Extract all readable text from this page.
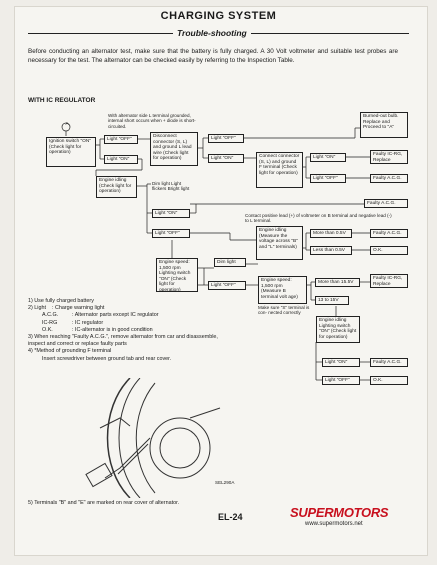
CHARGING SYSTEM
Trouble-shooting
Before conducting an alternator test, make sure that the battery is fully charged. A 30 Volt voltmeter and suitable test probes are necessary for the test. The alternator can be checked easily by referring to the Inspection Table.
WITH IC REGULATOR
A
Ignition switch "ON" (Check light for operation)
Light "OFF"
Light "ON"
With alternator side L terminal grounded, internal short occurs when + diode is short-circuited.
Disconnect connector (S, L) and ground L lead wire (Check light for operation)
Light "OFF"
Light "ON"
Burned-out bulb. Replace and Proceed to "A"
Connect connector (S, L) and ground F terminal (Check light for operation)
Light "ON"
Light "OFF"
Faulty IC-RG, Replace
Faulty A.C.G.
Engine idling (Check light for operation)
Dim light Light flickers Bright light
Faulty A.C.G.
Light "ON"	Contact positive lead (+) of voltmeter on B terminal and negative lead (-) to L terminal.
Engine idling (Measure the voltage across "B" and "L" terminals)
More than 0.5V
Less than 0.5V
Faulty A.C.G.
O.K.
Light "OFF"
Engine speed: 1,500 rpm Lighting switch "ON" (Check light for operation)
Dim light
Light "OFF"
Engine speed: 1,500 rpm (Measure B terminal volt age)
Make sure "S" terminal is con- nected correctly
More than 15.5V
13 to 15V
Faulty IC-RG, Replace
Engine idling Lighting switch "ON" (Check light for operation)
Light "ON"
Light "OFF"
Faulty A.C.G.
O.K.
1) Use fully charged battery
2) Light : Charge warning light
A.C.G.	: Alternator parts except IC regulator
IC-RG	: IC regulator
O.K.	: IC-alternator is in good condition
3) When reaching "Faulty A.C.G.", remove alternator from car and disassemble, inspect and correct or replace faulty parts
4) *Method of grounding F terminal
Insert screwdriver between ground tab and rear cover.
SEL290A
5) Terminals "B" and "E" are marked on rear cover of alternator.
EL-24	SUPERMOTORS
www.supermotors.net
